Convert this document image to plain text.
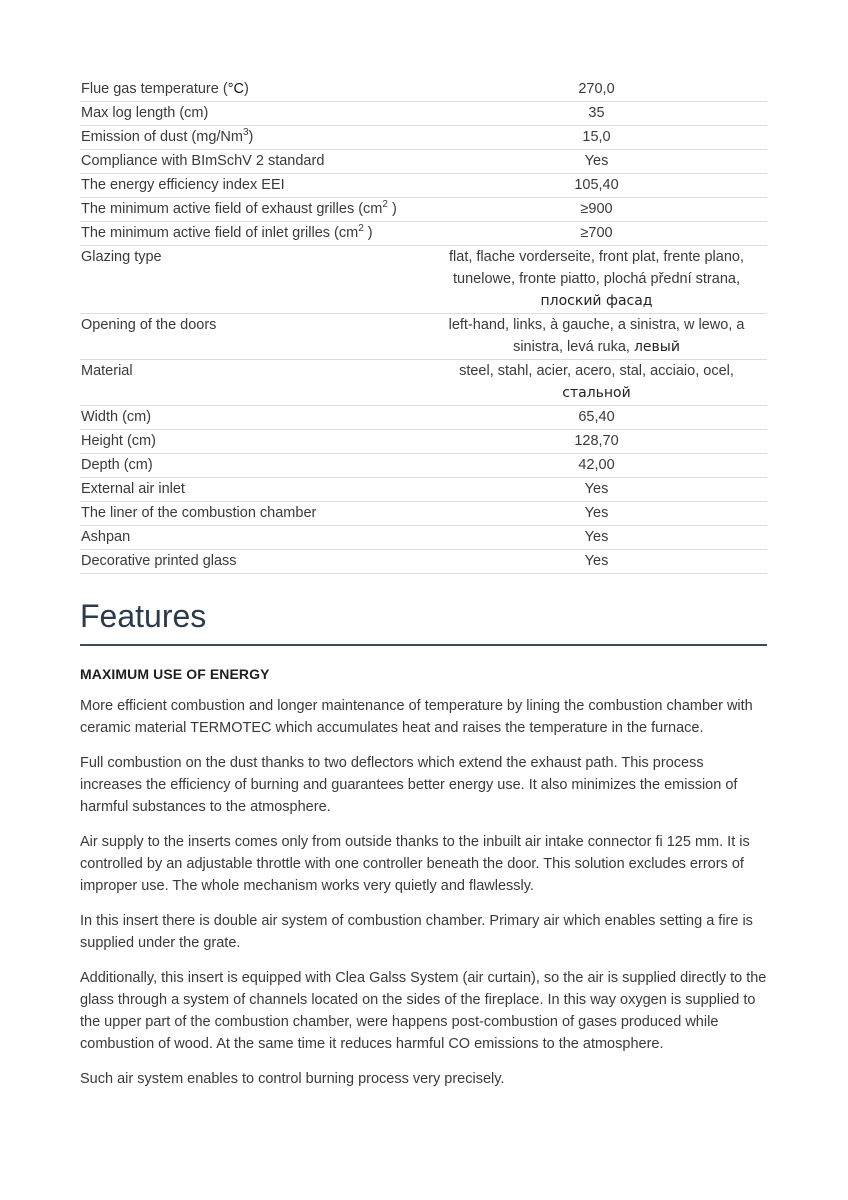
Flue gas temperature (°C)	270,0
Max log length (cm)	35
Emission of dust (mg/Nm$^3$)	15,0
Compliance with BImSchV 2 standard	Yes
The energy efficiency index EEI	105,40
The minimum active field of exhaust grilles ($cm^2$ )	≥900
The minimum active field of inlet grilles ($cm^2$ )	≥700
Glazing type	flat, flache vorderseite, front plat, frente plano, tunelowe, fronte piatto, plochá přední strana,
плоский фасад
Opening of the doors	left-hand, links, à gauche, a sinistra, w lewo, a sinistra, levá ruka, левый
Material	steel, stahl, acier, acero, stal, acciaio, ocel,
стальной
Width (cm)	65,40
Height (cm)	128,70
Depth (cm)	42,00
External air inlet	Yes
The liner of the combustion chamber	Yes
Ashpan	Yes
Decorative printed glass	Yes
Features
MAXIMUM USE OF ENERGY

More efficient combustion and longer maintenance of temperature by lining the combustion chamber with ceramic material TERMOTEC which accumulates heat and raises the temperature in the furnace.

Full combustion on the dust thanks to two deflectors which extend the exhaust path. This process increases the efficiency of burning and guarantees better energy use. It also minimizes the emission of harmful substances to the atmosphere.

Air supply to the inserts comes only from outside thanks to the inbuilt air intake connector fi 125 mm. It is controlled by an adjustable throttle with one controller beneath the door. This solution excludes errors of improper use. The whole mechanism works very quietly and flawlessly.

In this insert there is double air system of combustion chamber. Primary air which enables setting a fire is supplied under the grate.

Additionally, this insert is equipped with Clea Galss System (air curtain), so the air is supplied directly to the glass through a system of channels located on the sides of the fireplace. In this way oxygen is supplied to the upper part of the combustion chamber, were happens post-combustion of gases produced while combustion of wood. At the same time it reduces harmful CO emissions to the atmosphere.

Such air system enables to control burning process very precisely.
